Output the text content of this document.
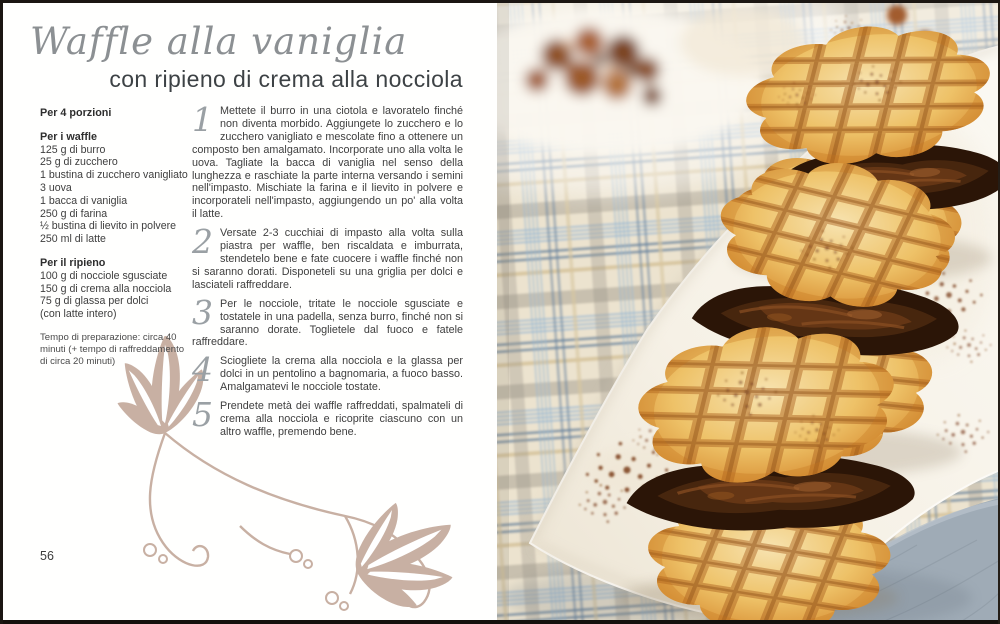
Waffle alla vaniglia
con ripieno di crema alla nocciola
Per 4 porzioni
Per i waffle
125 g di burro
25 g di zucchero
1 bustina di zucchero vanigliato
3 uova
1 bacca di vaniglia
250 g di farina
½ bustina di lievito in polvere
250 ml di latte
Per il ripieno
100 g di nocciole sgusciate
150 g di crema alla nocciola
75 g di glassa per dolci
(con latte intero)
Tempo di preparazione: circa 40 minuti (+ tempo di raffreddamento di circa 20 minuti)

1 Mettete il burro in una ciotola e lavoratelo finché non diventa morbido. Aggiungete lo zucchero e lo zucchero vanigliato e mescolate fino a ottenere un composto ben amalgamato. Incorporate uno alla volta le uova. Tagliate la bacca di vaniglia nel senso della lunghezza e raschiate la parte interna versando i semini nell'impasto. Mischiate la farina e il lievito in polvere e incorporateli nell'impasto, aggiungendo un po' alla volta il latte.

2 Versate 2-3 cucchiai di impasto alla volta sulla piastra per waffle, ben riscaldata e imburrata, stendetelo bene e fate cuocere i waffle finché non si saranno dorati. Disponeteli su una griglia per dolci e lasciateli raffreddare.

3 Per le nocciole, tritate le nocciole sgusciate e tostatele in una padella, senza burro, finché non si saranno dorate. Toglietele dal fuoco e fatele raffreddare.

4 Sciogliete la crema alla nocciola e la glassa per dolci in un pentolino a bagnomaria, a fuoco basso. Amalgamatevi le nocciole tostate.

5 Prendete metà dei waffle raffreddati, spalmateli di crema alla nocciola e ricoprite ciascuno con un altro waffle, premendo bene.

56
